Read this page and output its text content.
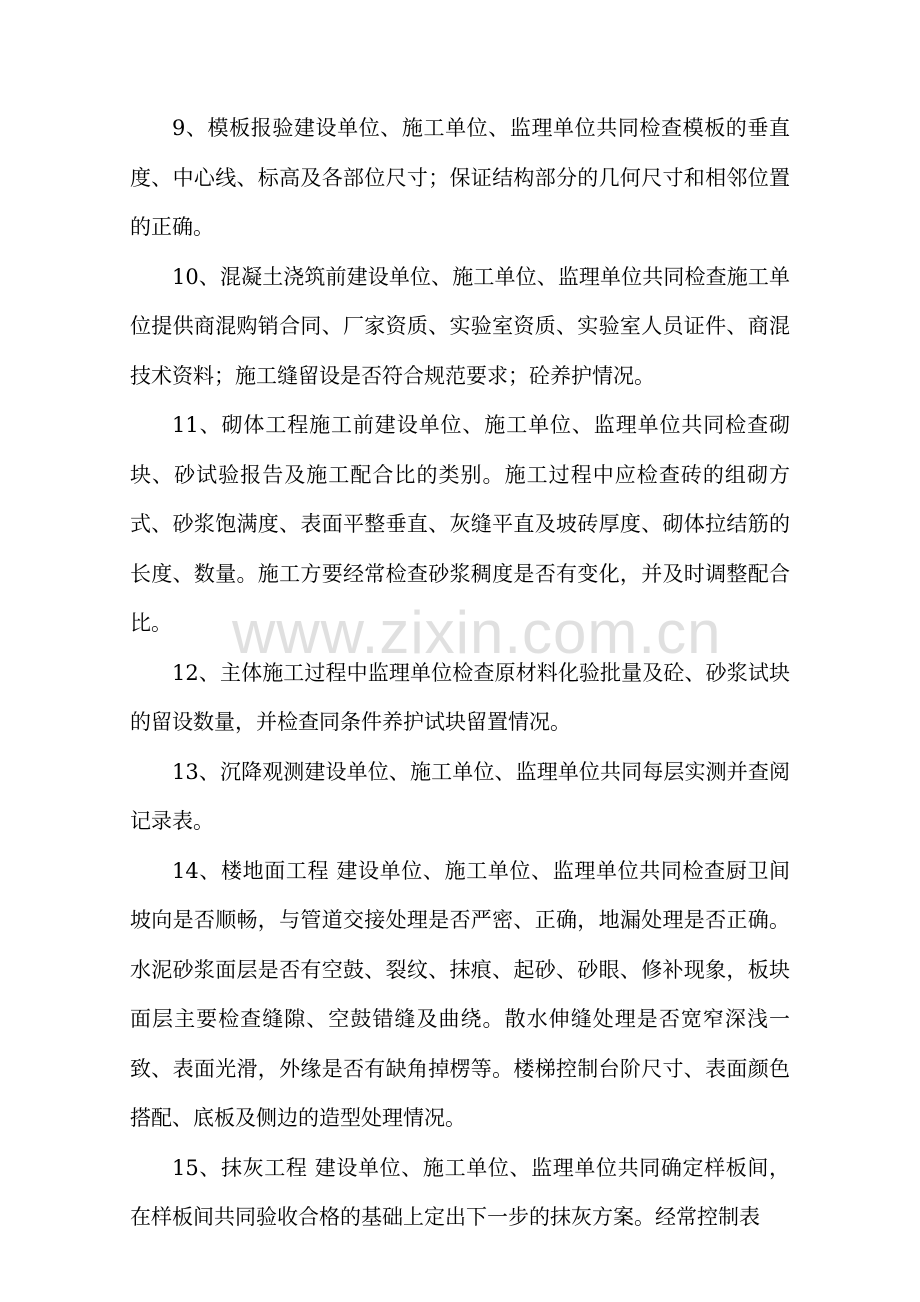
9、模板报验建设单位、施工单位、监理单位共同检查模板的垂直度、中心线、标高及各部位尺寸；保证结构部分的几何尺寸和相邻位置的正确。

10、混凝土浇筑前建设单位、施工单位、监理单位共同检查施工单位提供商混购销合同、厂家资质、实验室资质、实验室人员证件、商混技术资料；施工缝留设是否符合规范要求；砼养护情况。

11、砌体工程施工前建设单位、施工单位、监理单位共同检查砌块、砂试验报告及施工配合比的类别。施工过程中应检查砖的组砌方式、砂浆饱满度、表面平整垂直、灰缝平直及坡砖厚度、砌体拉结筋的长度、数量。施工方要经常检查砂浆稠度是否有变化，并及时调整配合比。

12、主体施工过程中监理单位检查原材料化验批量及砼、砂浆试块的留设数量，并检查同条件养护试块留置情况。

13、沉降观测建设单位、施工单位、监理单位共同每层实测并查阅记录表。

14、楼地面工程 建设单位、施工单位、监理单位共同检查厨卫间坡向是否顺畅，与管道交接处理是否严密、正确，地漏处理是否正确。水泥砂浆面层是否有空鼓、裂纹、抹痕、起砂、砂眼、修补现象，板块面层主要检查缝隙、空鼓错缝及曲绕。散水伸缝处理是否宽窄深浅一致、表面光滑，外缘是否有缺角掉楞等。楼梯控制台阶尺寸、表面颜色搭配、底板及侧边的造型处理情况。

15、抹灰工程 建设单位、施工单位、监理单位共同确定样板间，在样板间共同验收合格的基础上定出下一步的抹灰方案。经常控制表

www.zixin.com.cn
